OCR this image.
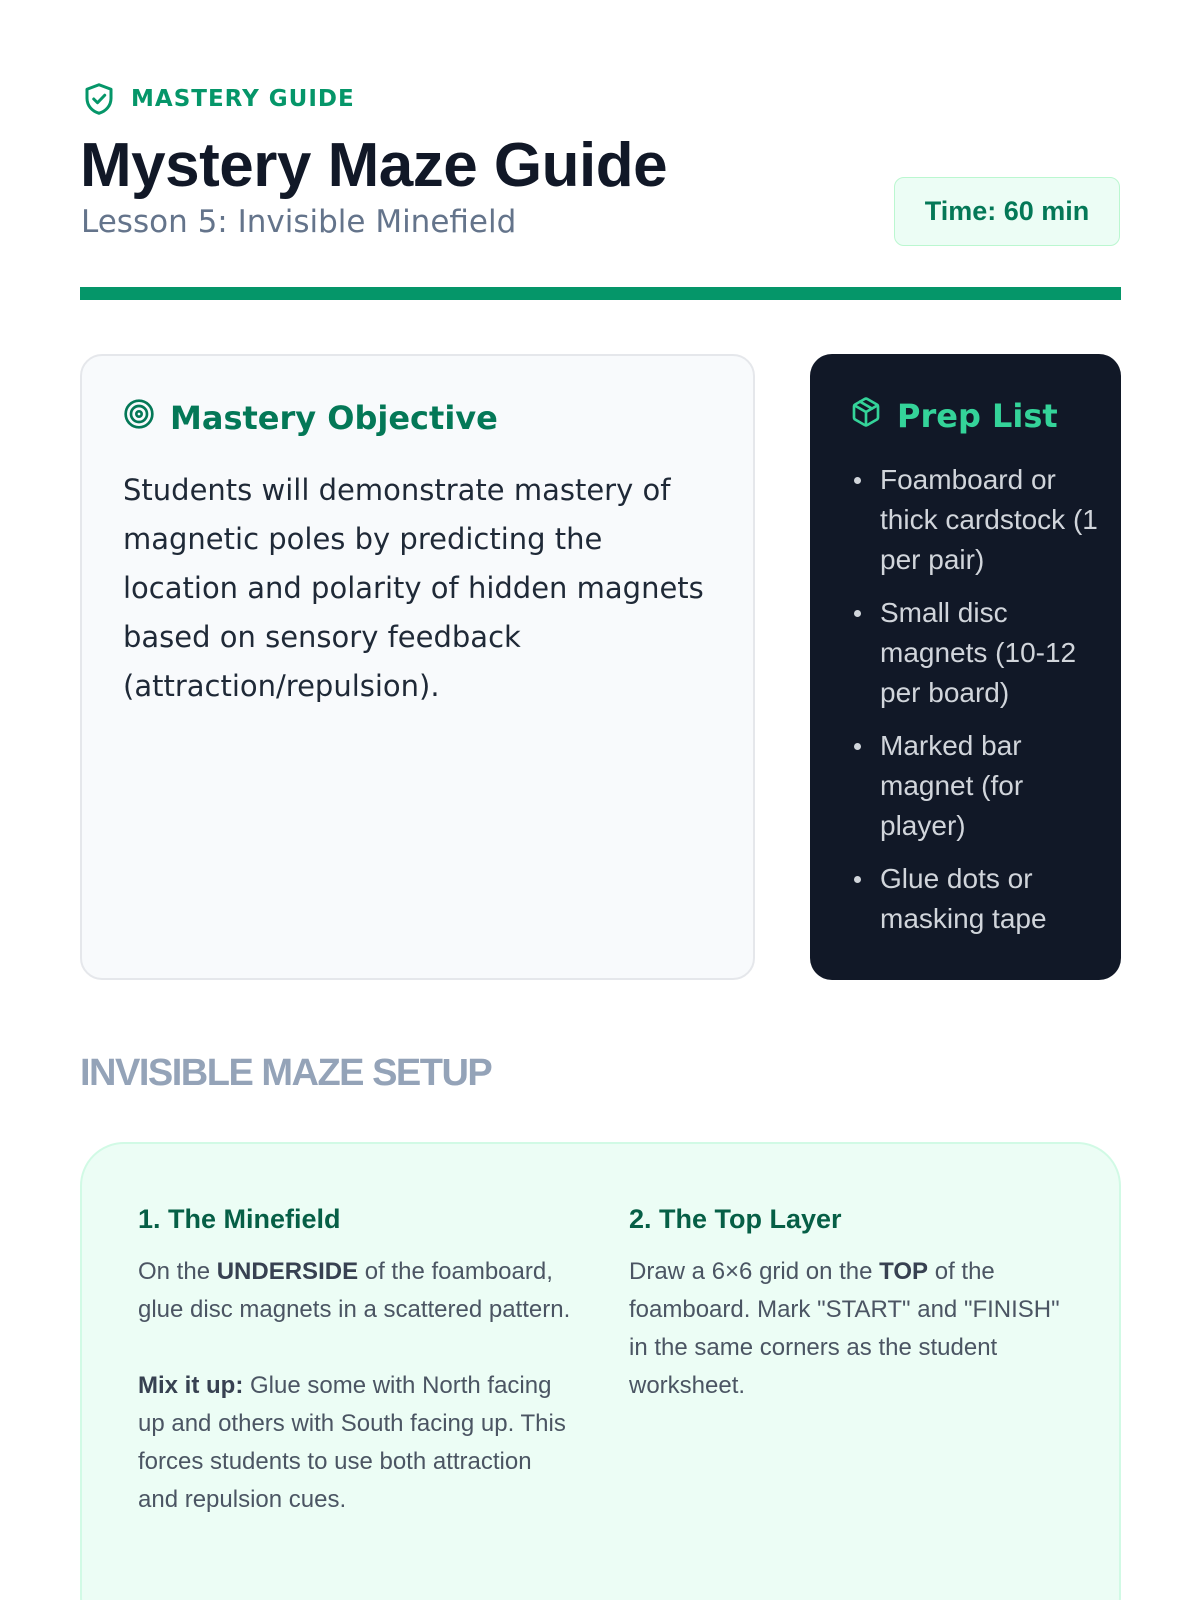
MASTERY GUIDE
Mystery Maze Guide
Lesson 5: Invisible Minefield	Time: 60 min
Mastery Objective

Students will demonstrate mastery of magnetic poles by predicting the location and polarity of hidden magnets based on sensory feedback (attraction/repulsion).

Prep List
Foamboard or thick cardstock (1 per pair)
Small disc magnets (10-12 per board)
Marked bar magnet (for player)
Glue dots or masking tape
INVISIBLE MAZE SETUP
1. The Minefield

On the UNDERSIDE of the foamboard, glue disc magnets in a scattered pattern.

Mix it up: Glue some with North facing up and others with South facing up. This forces students to use both attraction and repulsion cues.

2. The Top Layer

Draw a 6×6 grid on the TOP of the foamboard. Mark "START" and "FINISH" in the same corners as the student worksheet.
